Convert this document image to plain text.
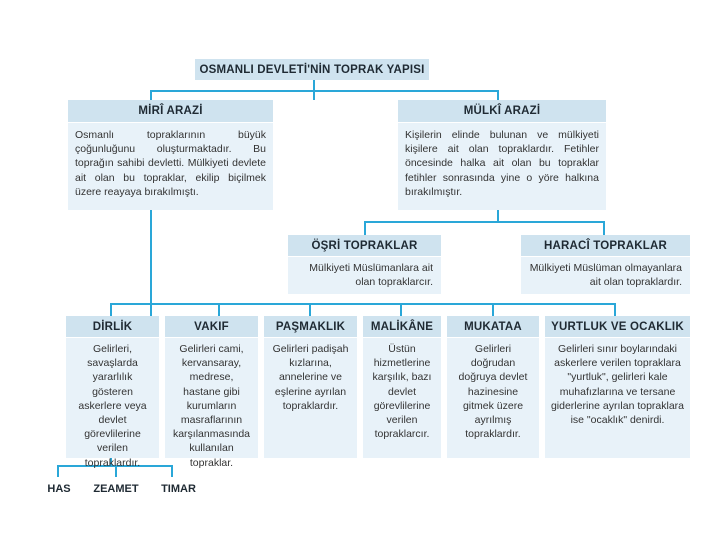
OSMANLI DEVLETİ'NİN TOPRAK YAPISI
MİRÎ ARAZİ
Osmanlı topraklarının büyük çoğunluğunu oluşturmaktadır. Bu toprağın sahibi devletti. Mülkiyeti devlete ait olan bu topraklar, ekilip biçilmek üzere reayaya bırakılmıştı.
MÜLKÎ ARAZİ
Kişilerin elinde bulunan ve mülkiyeti kişilere ait olan topraklardır. Fetihler öncesinde halka ait olan bu topraklar fetihler sonrasında yine o yöre halkına bırakılmıştır.
ÖŞRİ TOPRAKLAR
Mülkiyeti Müslümanlara ait olan topraklarcır.
HARACÎ TOPRAKLAR
Mülkiyeti Müslüman olmayanlara ait olan topraklardır.
DİRLİK
Gelirleri, savaşlarda yararlılık gösteren askerlere veya devlet görevlilerine verilen topraklardır.
VAKIF
Gelirleri cami, kervansaray, medrese, hastane gibi kurumların masraflarının karşılanmasında kullanılan topraklar.
PAŞMAKLIK
Gelirleri padişah kızlarına, annelerine ve eşlerine ayrılan topraklardır.
MALİKÂNE
Üstün hizmetlerine karşılık, bazı devlet görevlilerine verilen topraklarcır.
MUKATAA
Gelirleri doğrudan doğruya devlet hazinesine gitmek üzere ayrılmış topraklardır.
YURTLUK VE OCAKLIK
Gelirleri sınır boylarındaki askerlere verilen topraklara "yurtluk", gelirleri kale muhafızlarına ve tersane giderlerine ayrılan topraklara ise "ocaklık" denirdi.
HAS	ZEAMET	TIMAR
